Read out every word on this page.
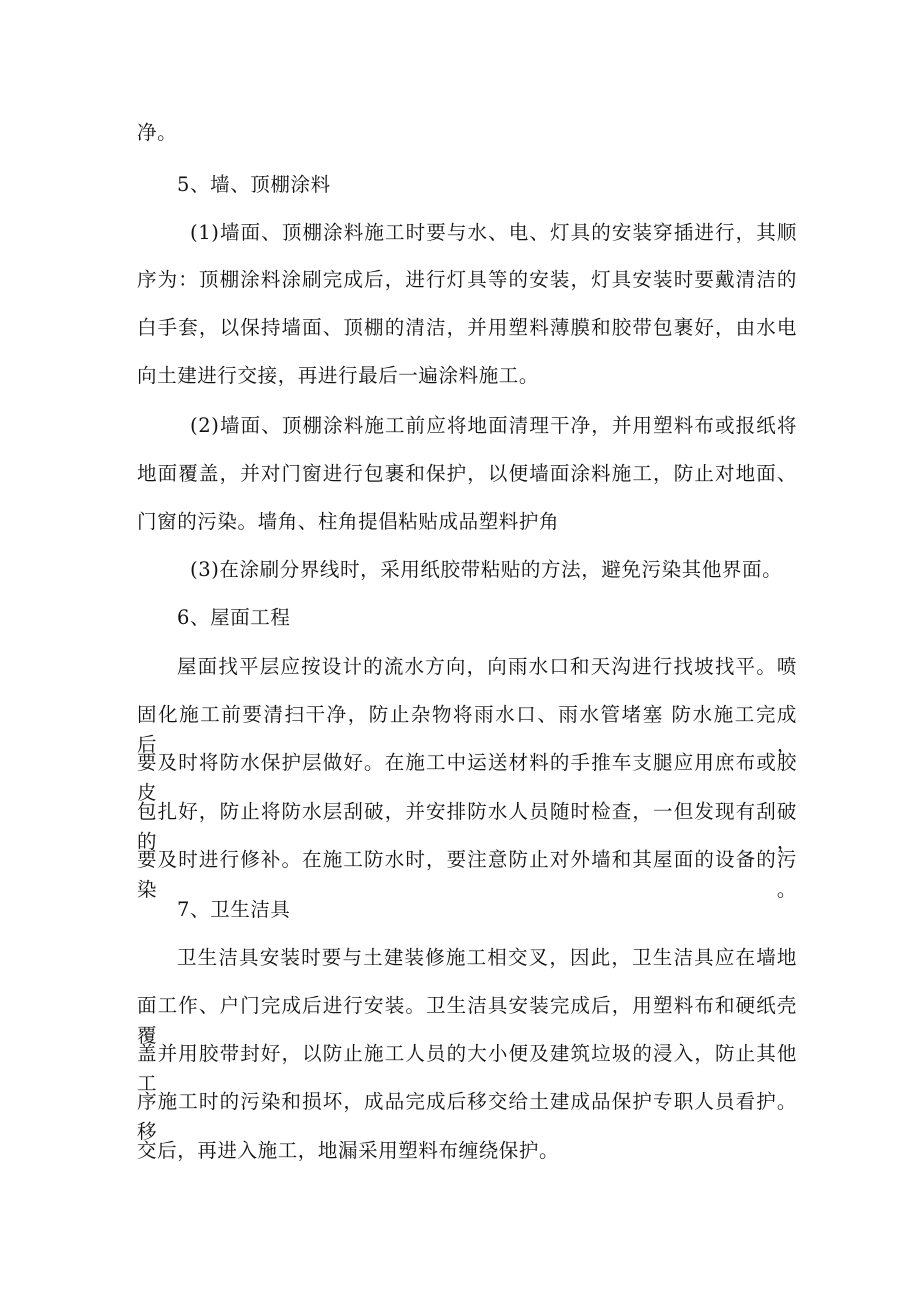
净。
5、墙、顶棚涂料
(1)墙面、顶棚涂料施工时要与水、电、灯具的安装穿插进行，其顺
序为：顶棚涂料涂刷完成后，进行灯具等的安装，灯具安装时要戴清洁的
白手套，以保持墙面、顶棚的清洁，并用塑料薄膜和胶带包裹好，由水电
向土建进行交接，再进行最后一遍涂料施工。
(2)墙面、顶棚涂料施工前应将地面清理干净，并用塑料布或报纸将
地面覆盖，并对门窗进行包裹和保护，以便墙面涂料施工，防止对地面、
门窗的污染。墙角、柱角提倡粘贴成品塑料护角
(3)在涂刷分界线时，采用纸胶带粘贴的方法，避免污染其他界面。
6、屋面工程
屋面找平层应按设计的流水方向，向雨水口和天沟进行找坡找平。喷
固化施工前要清扫干净，防止杂物将雨水口、雨水管堵塞 防水施工完成后，
要及时将防水保护层做好。在施工中运送材料的手推车支腿应用庶布或胶皮
包扎好，防止将防水层刮破，并安排防水人员随时检查，一但发现有刮破的，
要及时进行修补。在施工防水时，要注意防止对外墙和其屋面的设备的污染。
7、卫生洁具
卫生洁具安装时要与土建装修施工相交叉，因此，卫生洁具应在墙地
面工作、户门完成后进行安装。卫生洁具安装完成后，用塑料布和硬纸壳覆
盖并用胶带封好，以防止施工人员的大小便及建筑垃圾的浸入，防止其他工
序施工时的污染和损坏，成品完成后移交给土建成品保护专职人员看护。移
交后，再进入施工，地漏采用塑料布缠绕保护。
